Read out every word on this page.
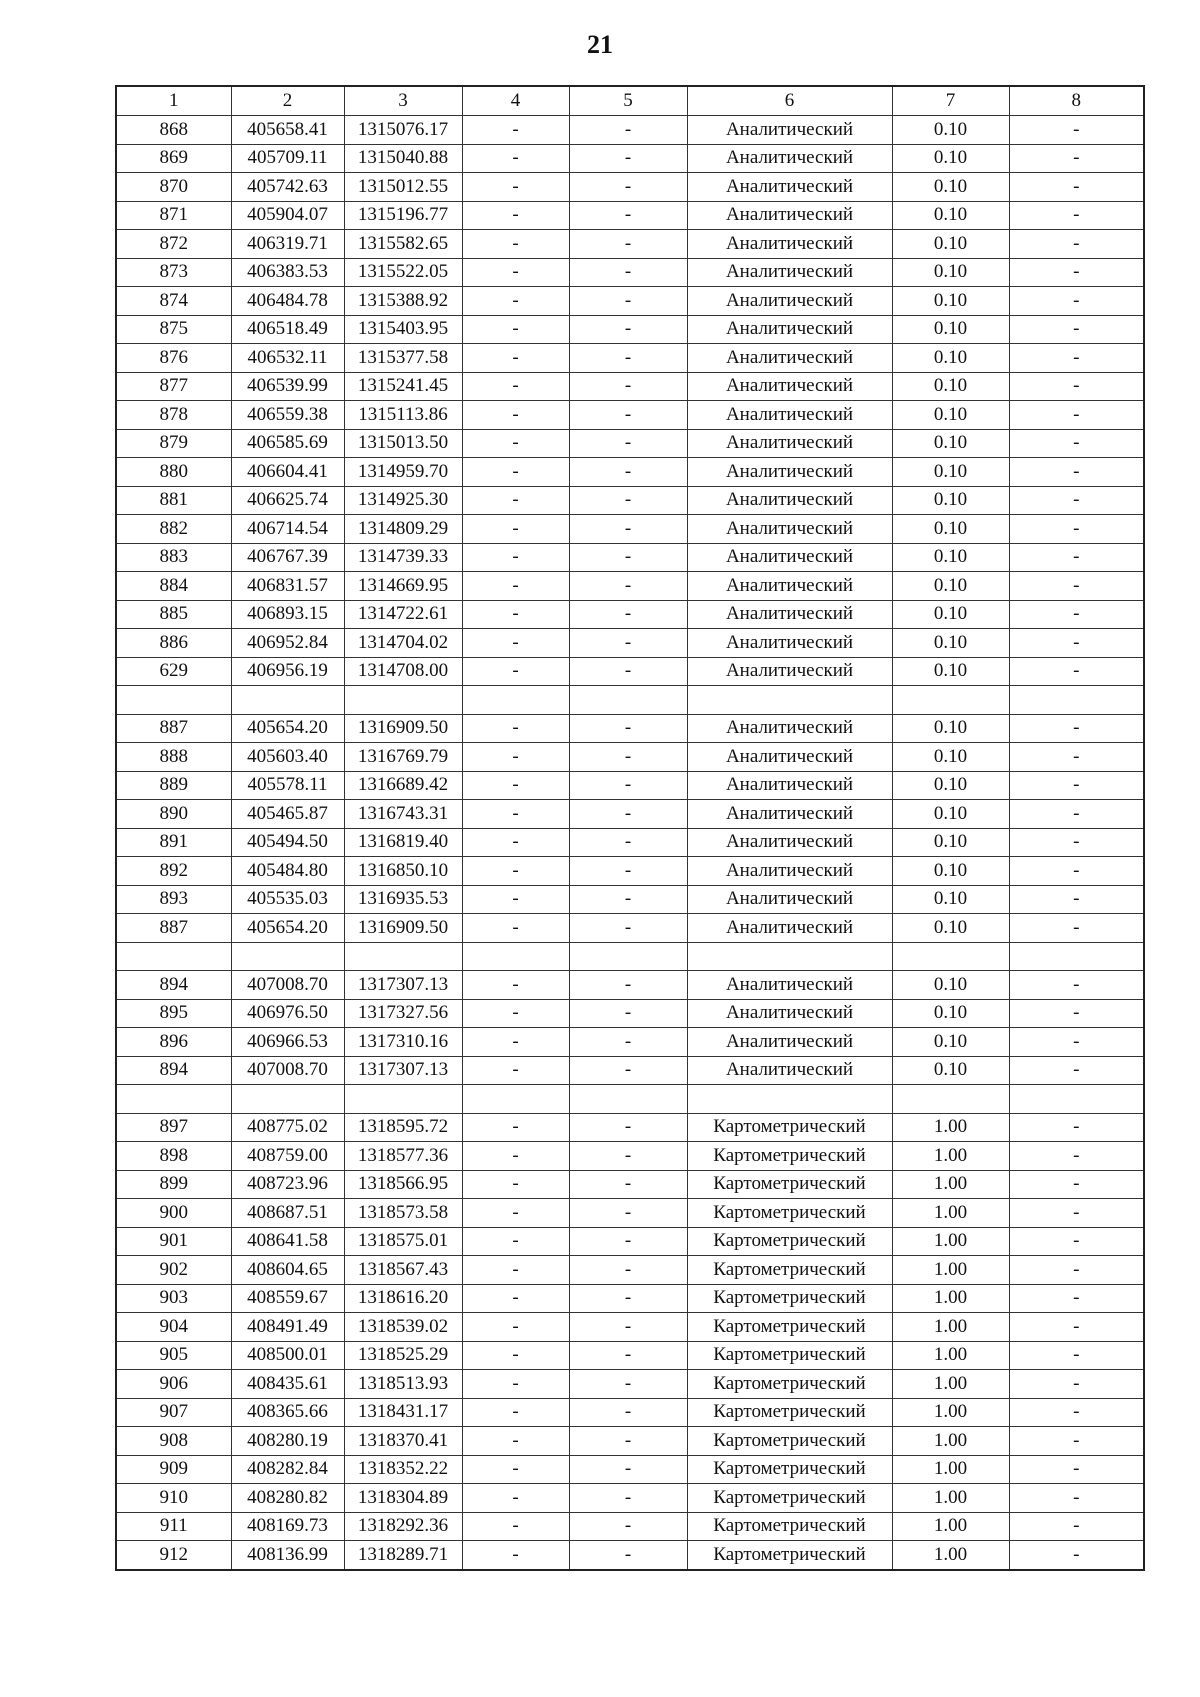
21
1	2	3	4	5	6	7	8
868	405658.41	1315076.17	-	-	Аналитический	0.10	-
869	405709.11	1315040.88	-	-	Аналитический	0.10	-
870	405742.63	1315012.55	-	-	Аналитический	0.10	-
871	405904.07	1315196.77	-	-	Аналитический	0.10	-
872	406319.71	1315582.65	-	-	Аналитический	0.10	-
873	406383.53	1315522.05	-	-	Аналитический	0.10	-
874	406484.78	1315388.92	-	-	Аналитический	0.10	-
875	406518.49	1315403.95	-	-	Аналитический	0.10	-
876	406532.11	1315377.58	-	-	Аналитический	0.10	-
877	406539.99	1315241.45	-	-	Аналитический	0.10	-
878	406559.38	1315113.86	-	-	Аналитический	0.10	-
879	406585.69	1315013.50	-	-	Аналитический	0.10	-
880	406604.41	1314959.70	-	-	Аналитический	0.10	-
881	406625.74	1314925.30	-	-	Аналитический	0.10	-
882	406714.54	1314809.29	-	-	Аналитический	0.10	-
883	406767.39	1314739.33	-	-	Аналитический	0.10	-
884	406831.57	1314669.95	-	-	Аналитический	0.10	-
885	406893.15	1314722.61	-	-	Аналитический	0.10	-
886	406952.84	1314704.02	-	-	Аналитический	0.10	-
629	406956.19	1314708.00	-	-	Аналитический	0.10	-

887	405654.20	1316909.50	-	-	Аналитический	0.10	-
888	405603.40	1316769.79	-	-	Аналитический	0.10	-
889	405578.11	1316689.42	-	-	Аналитический	0.10	-
890	405465.87	1316743.31	-	-	Аналитический	0.10	-
891	405494.50	1316819.40	-	-	Аналитический	0.10	-
892	405484.80	1316850.10	-	-	Аналитический	0.10	-
893	405535.03	1316935.53	-	-	Аналитический	0.10	-
887	405654.20	1316909.50	-	-	Аналитический	0.10	-

894	407008.70	1317307.13	-	-	Аналитический	0.10	-
895	406976.50	1317327.56	-	-	Аналитический	0.10	-
896	406966.53	1317310.16	-	-	Аналитический	0.10	-
894	407008.70	1317307.13	-	-	Аналитический	0.10	-

897	408775.02	1318595.72	-	-	Картометрический	1.00	-
898	408759.00	1318577.36	-	-	Картометрический	1.00	-
899	408723.96	1318566.95	-	-	Картометрический	1.00	-
900	408687.51	1318573.58	-	-	Картометрический	1.00	-
901	408641.58	1318575.01	-	-	Картометрический	1.00	-
902	408604.65	1318567.43	-	-	Картометрический	1.00	-
903	408559.67	1318616.20	-	-	Картометрический	1.00	-
904	408491.49	1318539.02	-	-	Картометрический	1.00	-
905	408500.01	1318525.29	-	-	Картометрический	1.00	-
906	408435.61	1318513.93	-	-	Картометрический	1.00	-
907	408365.66	1318431.17	-	-	Картометрический	1.00	-
908	408280.19	1318370.41	-	-	Картометрический	1.00	-
909	408282.84	1318352.22	-	-	Картометрический	1.00	-
910	408280.82	1318304.89	-	-	Картометрический	1.00	-
911	408169.73	1318292.36	-	-	Картометрический	1.00	-
912	408136.99	1318289.71	-	-	Картометрический	1.00	-
